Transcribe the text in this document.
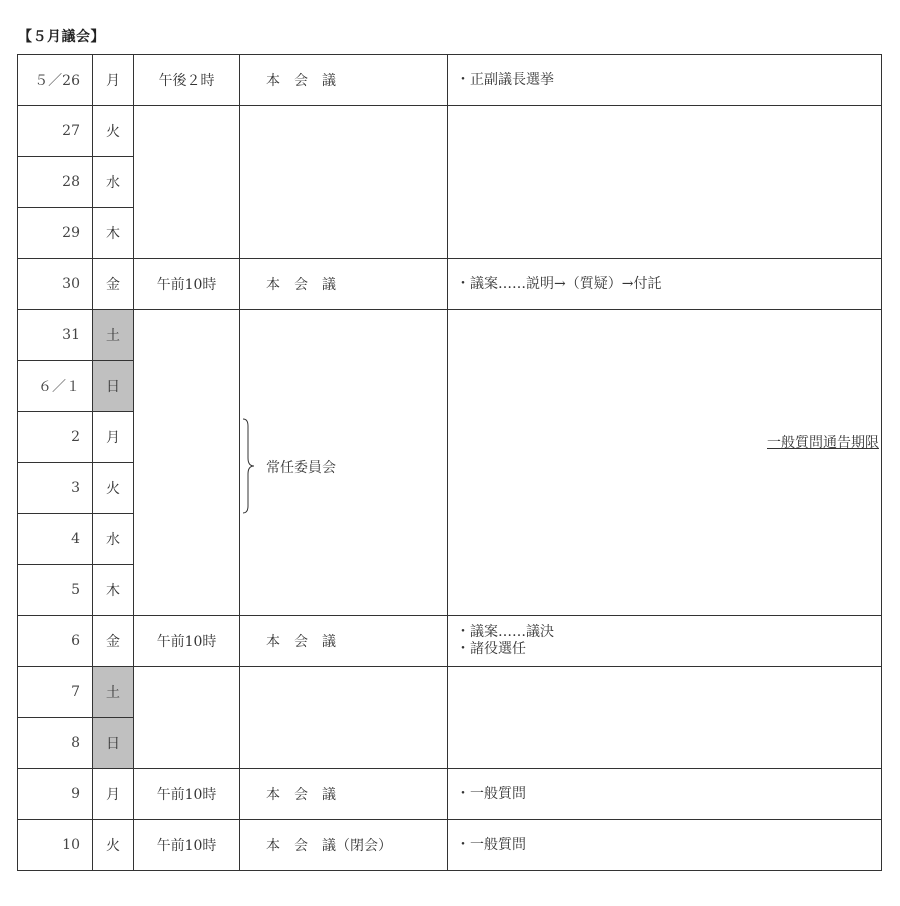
【５月議会】
５／26	月	午後２時	本　会　議	・正副議長選挙

27	火			
28	水			
29	木			
30	金	午前10時	本　会　議	・議案……説明→（質疑）→付託

31	土		常任委員会	一般質問通告期限

６／１	日			
2	月			
3	火			
4	水			
5	木			
6	金	午前10時	本　会　議	・議案……議決
・諸役選任

7	土			
8	日			
9	月	午前10時	本　会　議	・一般質問

10	火	午前10時	本　会　議（閉会）	・一般質問
